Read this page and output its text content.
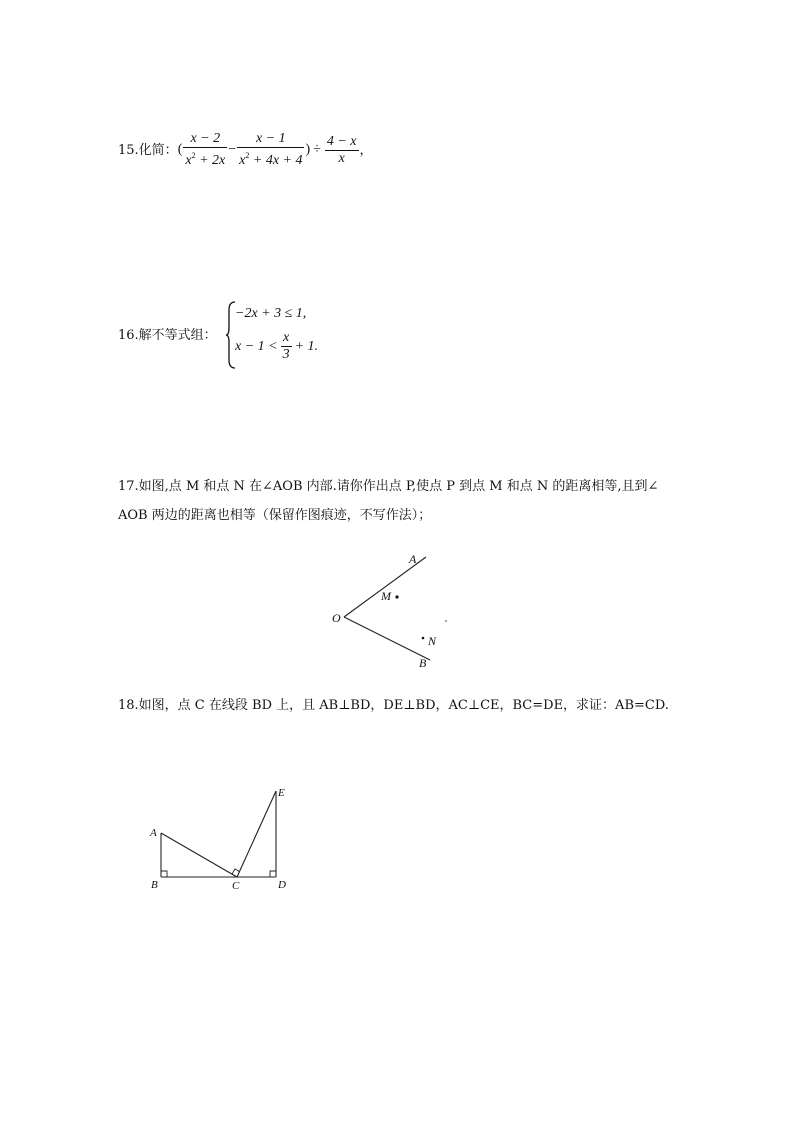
15.化简： ( $\frac{x - 2}{x^2 + 2x} - \frac{x - 1}{x^2 + 4x + 4}$ ) ÷ $\frac{4 - x}{x}$ ，
16.解不等式组：
−2x + 3 ≤ 1,
$x - 1 < \frac{x}{3} + 1$.
17.如图,点 M 和点 N 在∠AOB 内部.请你作出点 P,使点 P 到点 M 和点 N 的距离相等,且到∠
AOB 两边的距离也相等（保留作图痕迹，不写作法）；
A
O
B
M
N
18.如图，点 C 在线段 BD 上，且 AB⊥BD，DE⊥BD，AC⊥CE，BC=DE，求证：AB=CD.
A
B	C	D
E
